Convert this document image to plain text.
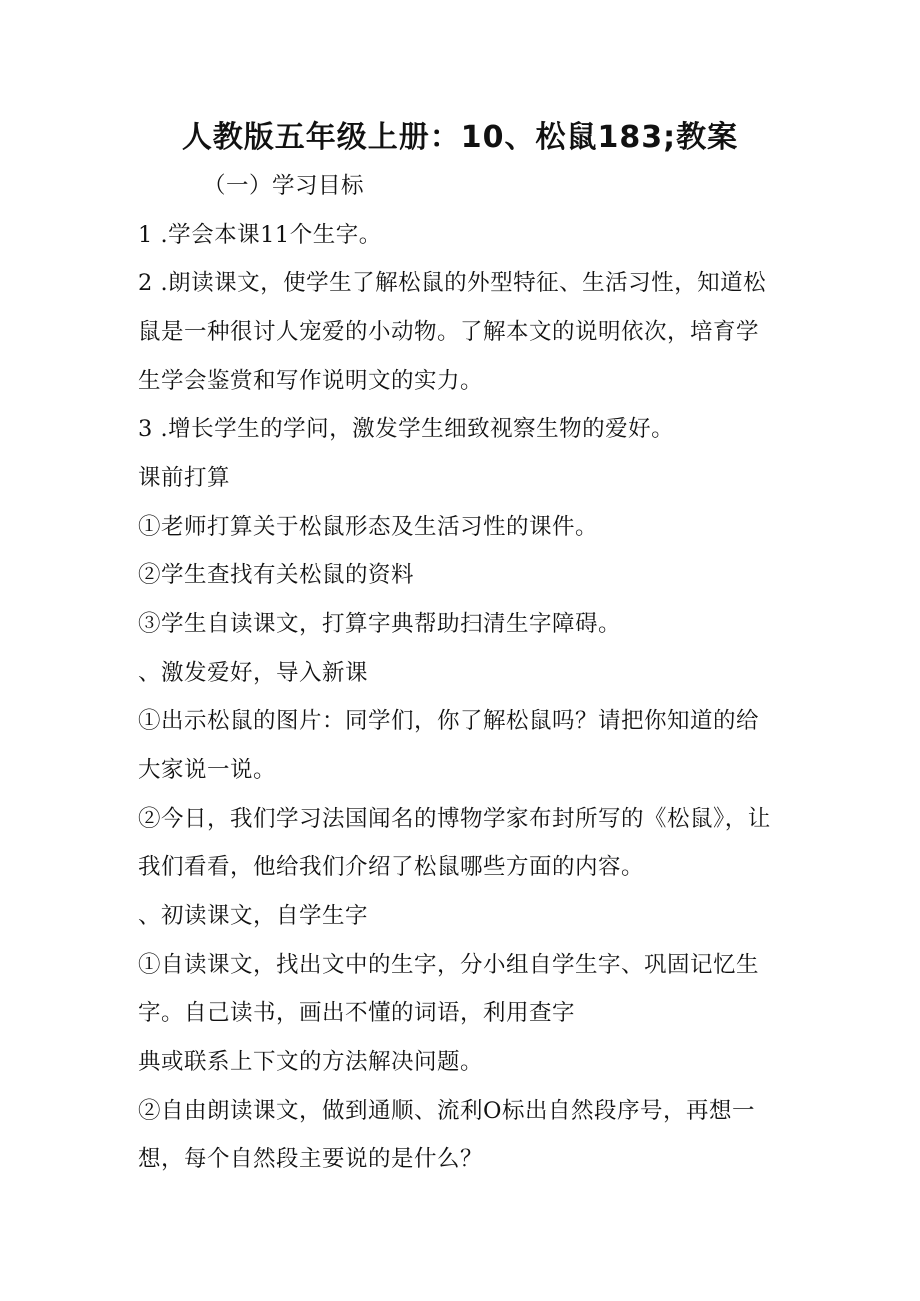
人教版五年级上册：10、松鼠183;教案
（一）学习目标
1 .学会本课11个生字。
2 .朗读课文，使学生了解松鼠的外型特征、生活习性，知道松
鼠是一种很讨人宠爱的小动物。了解本文的说明依次，培育学
生学会鉴赏和写作说明文的实力。
3 .增长学生的学问，激发学生细致视察生物的爱好。
课前打算
①老师打算关于松鼠形态及生活习性的课件。
②学生查找有关松鼠的资料
③学生自读课文，打算字典帮助扫清生字障碍。
、激发爱好，导入新课
①出示松鼠的图片：同学们，你了解松鼠吗？请把你知道的给
大家说一说。
②今日，我们学习法国闻名的博物学家布封所写的《松鼠》，让
我们看看，他给我们介绍了松鼠哪些方面的内容。
、初读课文，自学生字
①自读课文，找出文中的生字，分小组自学生字、巩固记忆生
字。自己读书，画出不懂的词语，利用查字
典或联系上下文的方法解决问题。
②自由朗读课文，做到通顺、流利O标出自然段序号，再想一
想，每个自然段主要说的是什么？
